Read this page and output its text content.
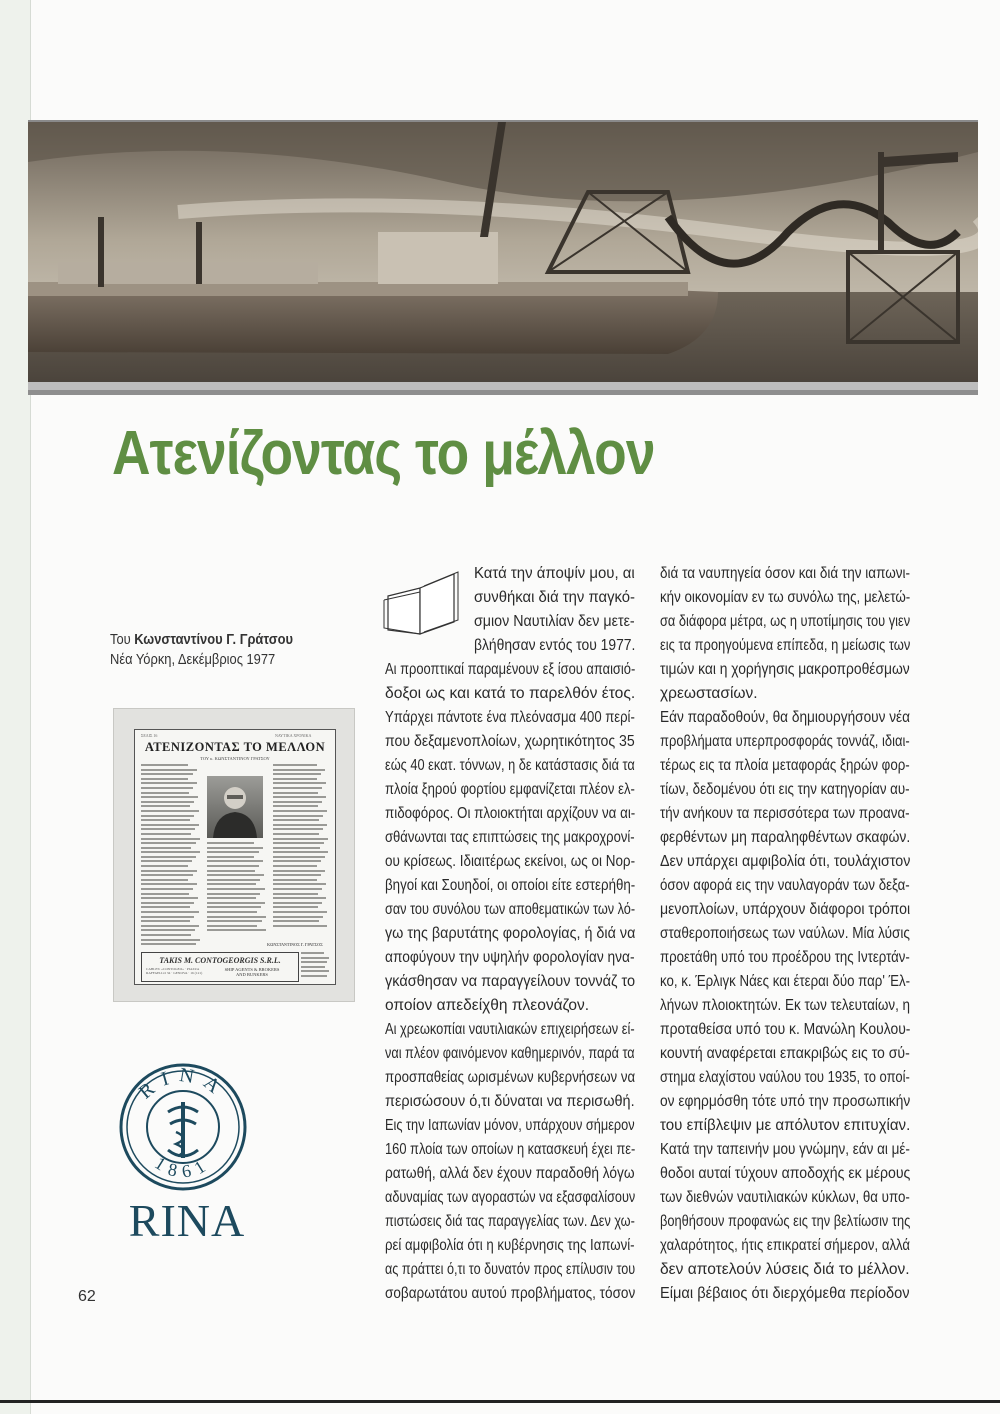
Ατενίζοντας το μέλλον
Του Κωνσταντίνου Γ. Γράτσου
Νέα Υόρκη, Δεκέμβριος 1977
ΣΕΛΙΣ 16	ΝΑΥΤΙΚΑ ΧΡΟΝΙΚΑ
ΑΤΕΝΙΖΟΝΤΑΣ ΤΟ ΜΕΛΛΟΝ
ΤΟΥ κ. ΚΩΝΣΤΑΝΤΙΝΟΥ ΓΡΑΤΣΟΥ
ΚΩΝΣΤΑΝΤΙΝΟΣ Γ. ΓΡΑΤΣΟΣ
TAKIS M. CONTOGEORGIS S.R.L.
CABLES: «CONTOGEO» · PIAZZA RAFFAELLO 34 · GENOVA · 16 (121)
SHIP AGENTS & BROKERS
AND BUNKERS
RINA
1861
RINA
62
Κατά την άποψίν μου, αι
συνθήκαι διά την παγκό-
σμιον Ναυτιλίαν δεν μετε-
βλήθησαν εντός του 1977.
Αι προοπτικαί παραμένουν εξ ίσου απαισιό-
δοξοι ως και κατά το παρελθόν έτος.
Υπάρχει πάντοτε ένα πλεόνασμα 400 περί-
που δεξαμενοπλοίων, χωρητικότητος 35
εώς 40 εκατ. τόννων, η δε κατάστασις διά τα
πλοία ξηρού φορτίου εμφανίζεται πλέον ελ-
πιδοφόρος. Οι πλοιοκτήται αρχίζουν να αι-
σθάνωνται τας επιπτώσεις της μακροχρονί-
ου κρίσεως. Ιδιαιτέρως εκείνοι, ως οι Νορ-
βηγοί και Σουηδοί, οι οποίοι είτε εστερήθη-
σαν του συνόλου των αποθεματικών των λό-
γω της βαρυτάτης φορολογίας, ή διά να
αποφύγουν την υψηλήν φορολογίαν ηνα-
γκάσθησαν να παραγγείλουν τοννάζ το
οποίον απεδείχθη πλεονάζον.
Αι χρεωκοπίαι ναυτιλιακών επιχειρήσεων εί-
ναι πλέον φαινόμενον καθημερινόν, παρά τα
προσπαθείας ωρισμένων κυβερνήσεων να
περισώσουν ό,τι δύναται να περισωθή.
Εις την Ιαπωνίαν μόνον, υπάρχουν σήμερον
160 πλοία των οποίων η κατασκευή έχει πε-
ρατωθή, αλλά δεν έχουν παραδοθή λόγω
αδυναμίας των αγοραστών να εξασφαλίσουν
πιστώσεις διά τας παραγγελίας των. Δεν χω-
ρεί αμφιβολία ότι η κυβέρνησις της Ιαπωνί-
ας πράττει ό,τι το δυνατόν προς επίλυσιν του
σοβαρωτάτου αυτού προβλήματος, τόσον
διά τα ναυπηγεία όσον και διά την ιαπωνι-
κήν οικονομίαν εν τω συνόλω της, μελετώ-
σα διάφορα μέτρα, ως η υποτίμησις του γιεν
εις τα προηγούμενα επίπεδα, η μείωσις των
τιμών και η χορήγησις μακροπροθέσμων
χρεωστασίων.
Εάν παραδοθούν, θα δημιουργήσουν νέα
προβλήματα υπερπροσφοράς τοννάζ, ιδιαι-
τέρως εις τα πλοία μεταφοράς ξηρών φορ-
τίων, δεδομένου ότι εις την κατηγορίαν αυ-
τήν ανήκουν τα περισσότερα των προανα-
φερθέντων μη παραληφθέντων σκαφών.
Δεν υπάρχει αμφιβολία ότι, τουλάχιστον
όσον αφορά εις την ναυλαγοράν των δεξα-
μενοπλοίων, υπάρχουν διάφοροι τρόποι
σταθεροποιήσεως των ναύλων. Μία λύσις
προετάθη υπό του προέδρου της Ιντερτάν-
κο, κ. Έρλιγκ Νάες και έτεραι δύο παρ' Έλ-
λήνων πλοιοκτητών. Εκ των τελευταίων, η
προταθείσα υπό του κ. Μανώλη Κουλου-
κουντή αναφέρεται επακριβώς εις το σύ-
στημα ελαχίστου ναύλου του 1935, το οποί-
ον εφηρμόσθη τότε υπό την προσωπικήν
του επίβλεψιν με απόλυτον επιτυχίαν.
Κατά την ταπεινήν μου γνώμην, εάν αι μέ-
θοδοι αυταί τύχουν αποδοχής εκ μέρους
των διεθνών ναυτιλιακών κύκλων, θα υπο-
βοηθήσουν προφανώς εις την βελτίωσιν της
χαλαρότητος, ήτις επικρατεί σήμερον, αλλά
δεν αποτελούν λύσεις διά το μέλλον.
Είμαι βέβαιος ότι διερχόμεθα περίοδον
